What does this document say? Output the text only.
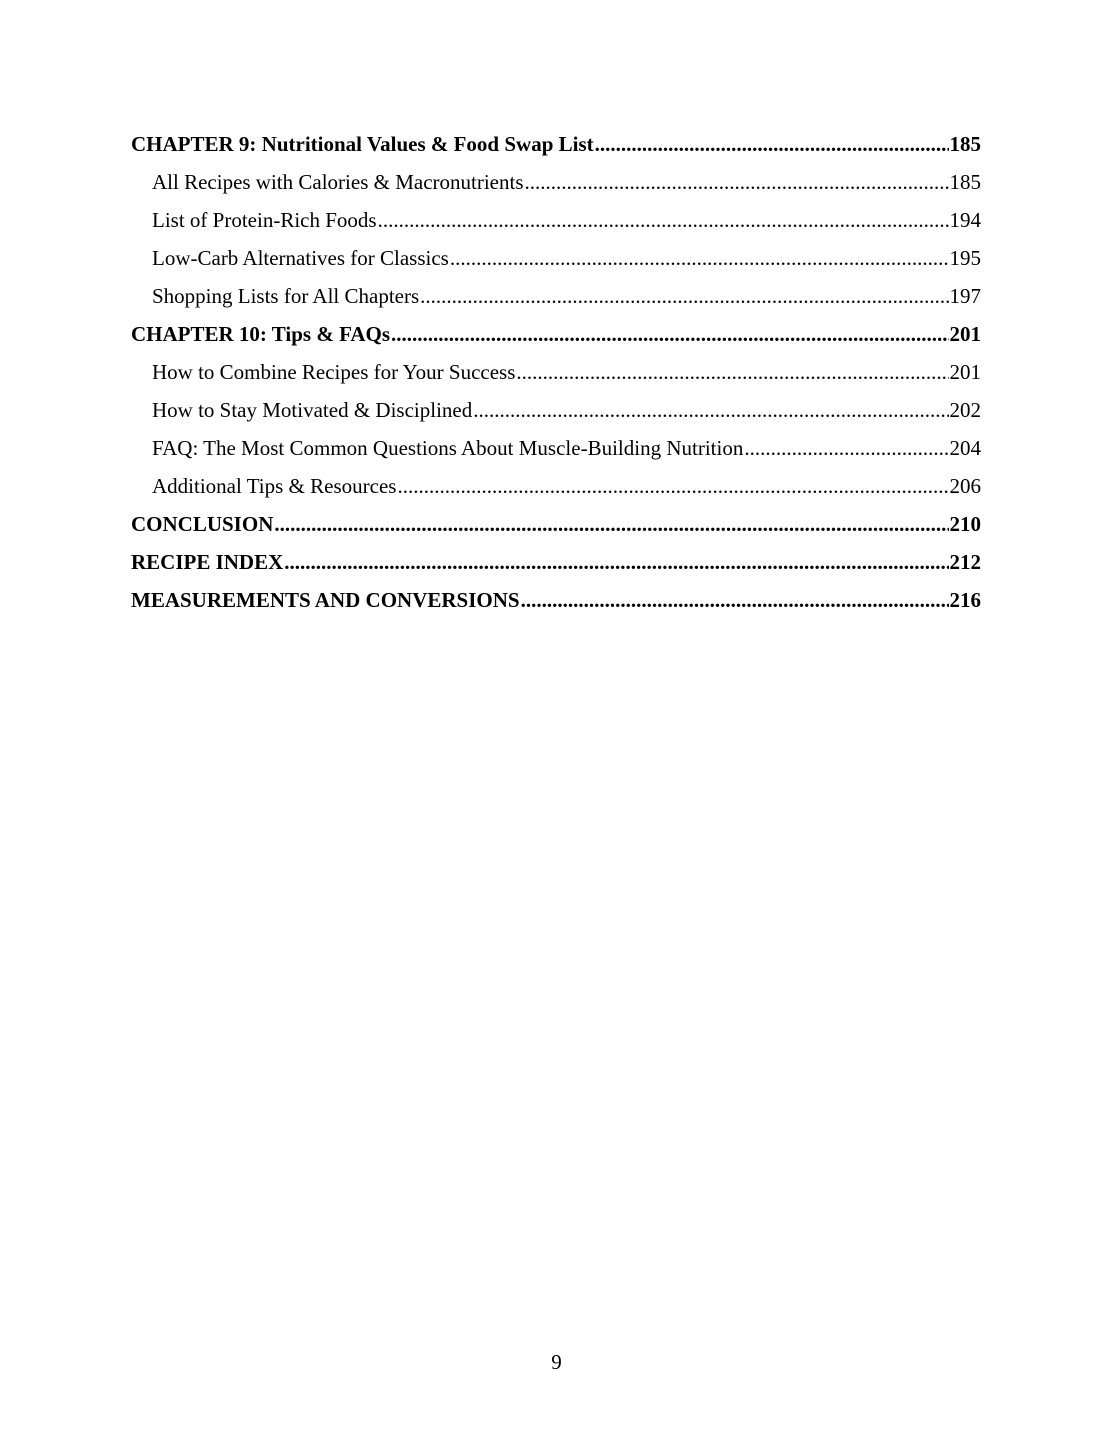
CHAPTER 9: Nutritional Values & Food Swap List .....	185
All Recipes with Calories & Macronutrients .....	185
List of Protein-Rich Foods .....	194
Low-Carb Alternatives for Classics .....	195
Shopping Lists for All Chapters .....	197
CHAPTER 10: Tips & FAQs .....	201
How to Combine Recipes for Your Success .....	201
How to Stay Motivated & Disciplined .....	202
FAQ: The Most Common Questions About Muscle-Building Nutrition .....	204
Additional Tips & Resources .....	206
CONCLUSION .....	210
RECIPE INDEX .....	212
MEASUREMENTS AND CONVERSIONS .....	216
9
